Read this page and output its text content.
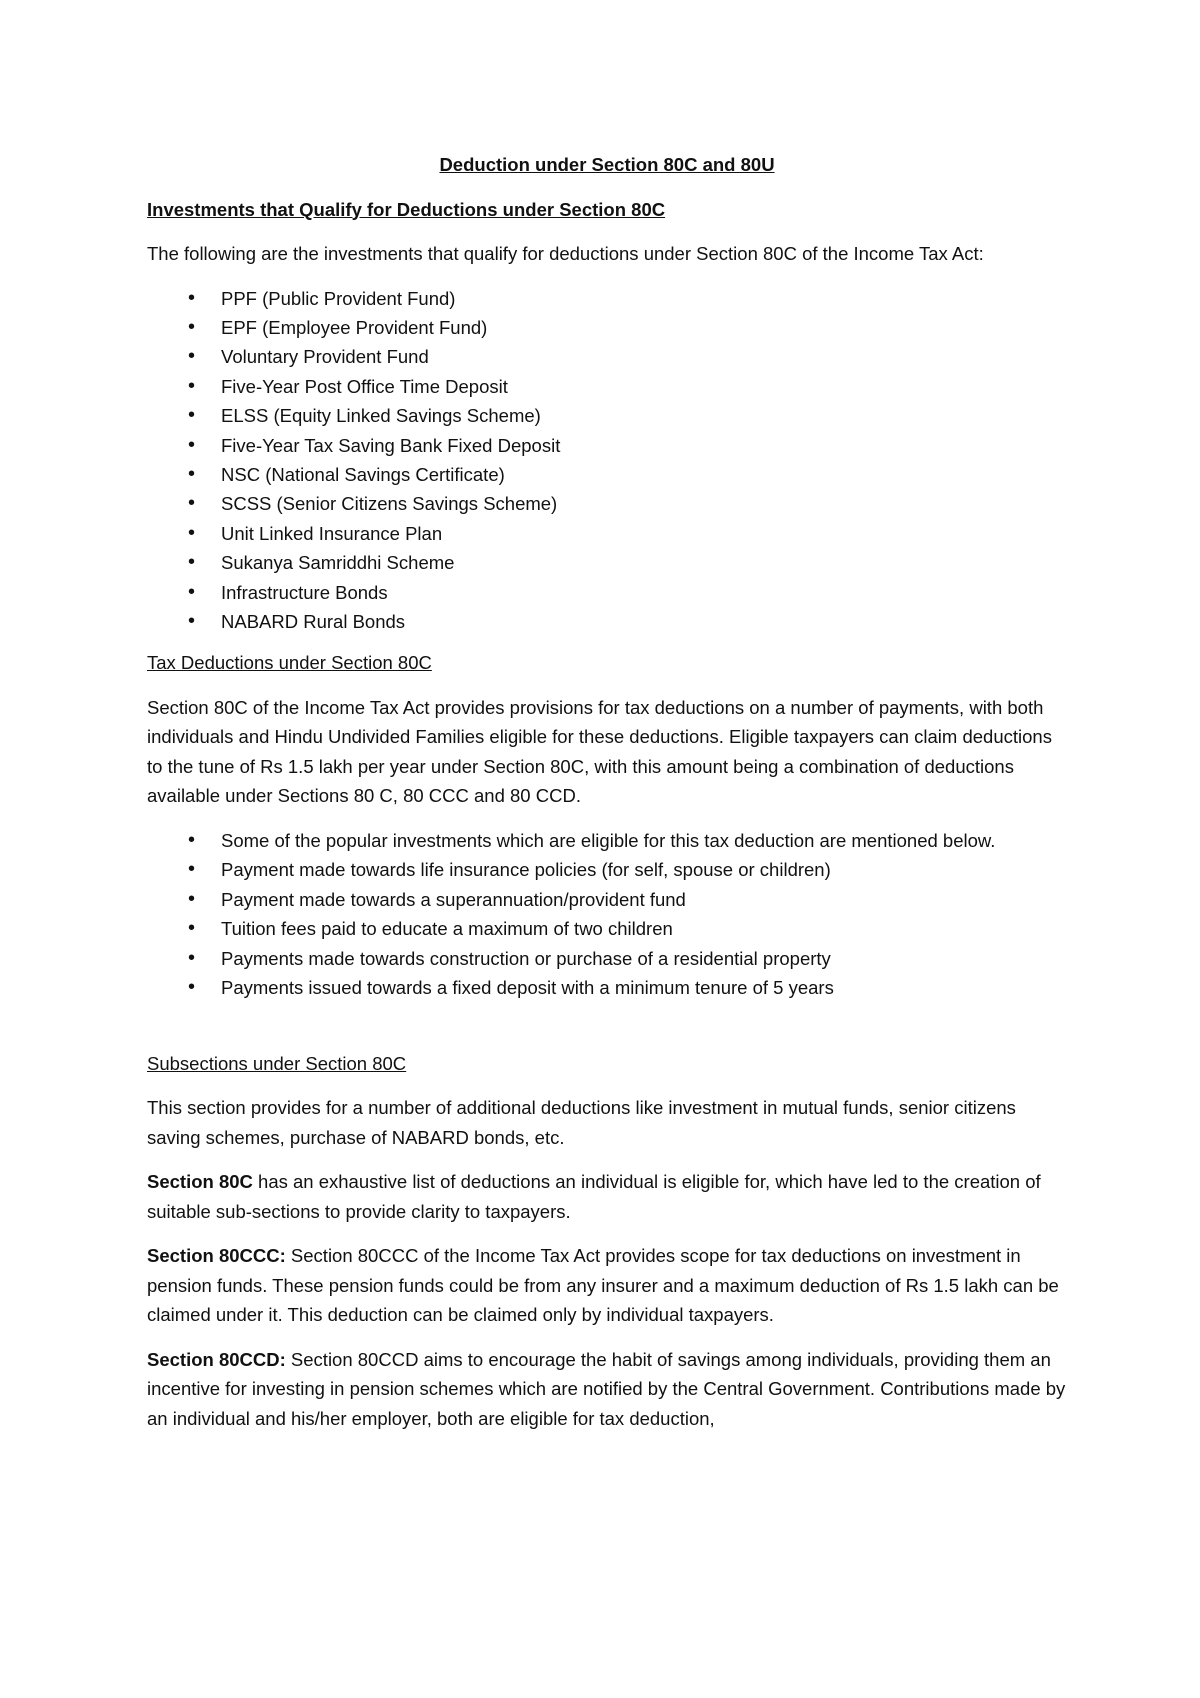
Deduction under Section 80C and 80U
Investments that Qualify for Deductions under Section 80C

The following are the investments that qualify for deductions under Section 80C of the Income Tax Act:

• PPF (Public Provident Fund)
• EPF (Employee Provident Fund)
• Voluntary Provident Fund
• Five-Year Post Office Time Deposit
• ELSS (Equity Linked Savings Scheme)
• Five-Year Tax Saving Bank Fixed Deposit
• NSC (National Savings Certificate)
• SCSS (Senior Citizens Savings Scheme)
• Unit Linked Insurance Plan
• Sukanya Samriddhi Scheme
• Infrastructure Bonds
• NABARD Rural Bonds
Tax Deductions under Section 80C

Section 80C of the Income Tax Act provides provisions for tax deductions on a number of payments, with both individuals and Hindu Undivided Families eligible for these deductions. Eligible taxpayers can claim deductions to the tune of Rs 1.5 lakh per year under Section 80C, with this amount being a combination of deductions available under Sections 80 C, 80 CCC and 80 CCD.

• Some of the popular investments which are eligible for this tax deduction are mentioned below.
• Payment made towards life insurance policies (for self, spouse or children)
• Payment made towards a superannuation/provident fund
• Tuition fees paid to educate a maximum of two children
• Payments made towards construction or purchase of a residential property
• Payments issued towards a fixed deposit with a minimum tenure of 5 years
Subsections under Section 80C

This section provides for a number of additional deductions like investment in mutual funds, senior citizens saving schemes, purchase of NABARD bonds, etc.

Section 80C has an exhaustive list of deductions an individual is eligible for, which have led to the creation of suitable sub-sections to provide clarity to taxpayers.

Section 80CCC: Section 80CCC of the Income Tax Act provides scope for tax deductions on investment in pension funds. These pension funds could be from any insurer and a maximum deduction of Rs 1.5 lakh can be claimed under it. This deduction can be claimed only by individual taxpayers.

Section 80CCD: Section 80CCD aims to encourage the habit of savings among individuals, providing them an incentive for investing in pension schemes which are notified by the Central Government. Contributions made by an individual and his/her employer, both are eligible for tax deduction,
